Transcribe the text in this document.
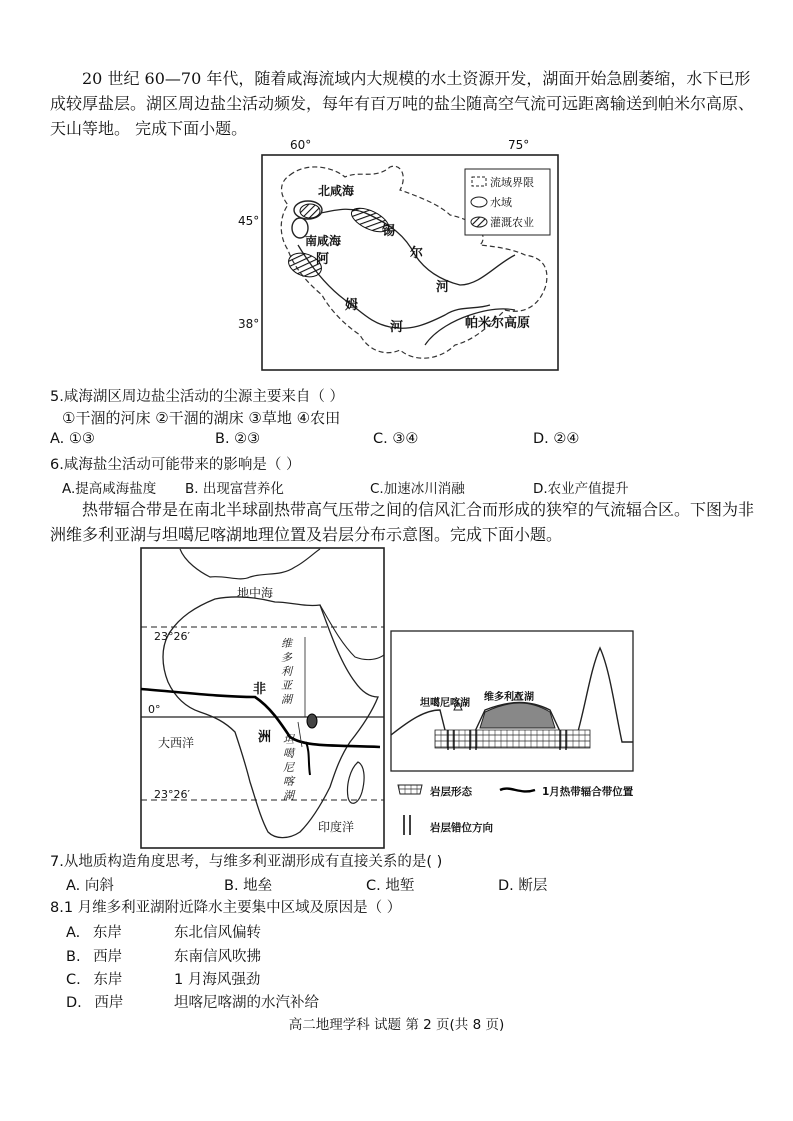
20 世纪 60—70 年代，随着咸海流域内大规模的水土资源开发，湖面开始急剧萎缩，水下已形成较厚盐层。湖区周边盐尘活动频发，每年有百万吨的盐尘随高空气流可远距离输送到帕米尔高原、天山等地。 完成下面小题。
60°	75°
45°
38°
北咸海
南咸海
锡
尔
河
阿
姆
河	帕米尔高原
流域界限
水域
灌溉农业
5.咸海湖区周边盐尘活动的尘源主要来自（ ）
①干涸的河床 ②干涸的湖床 ③草地 ④农田
A. ①③	B. ②③	C. ③④	D. ②④
6.咸海盐尘活动可能带来的影响是（ ）
A.提高咸海盐度 B. 出现富营养化	C.加速冰川消融	D.农业产值提升
热带辐合带是在南北半球副热带高气压带之间的信风汇合而形成的狭窄的气流辐合区。下图为非洲维多利亚湖与坦噶尼喀湖地理位置及岩层分布示意图。完成下面小题。
地中海
23°26′
0°
23°26′
大西洋
印度洋
非
洲
维
多
利
亚
湖
坦
噶
尼
喀
湖
坦噶尼喀湖
维多利亚湖
岩层形态	1月热带辐合带位置
岩层错位方向
7.从地质构造角度思考，与维多利亚湖形成有直接关系的是( )
A. 向斜	B. 地垒	C. 地堑	D. 断层
8.1 月维多利亚湖附近降水主要集中区域及原因是（ ）
A. 东岸	东北信风偏转
B. 西岸	东南信风吹拂
C. 东岸	1 月海风强劲
D. 西岸	坦喀尼喀湖的水汽补给
高二地理学科 试题 第 2 页(共 8 页)
